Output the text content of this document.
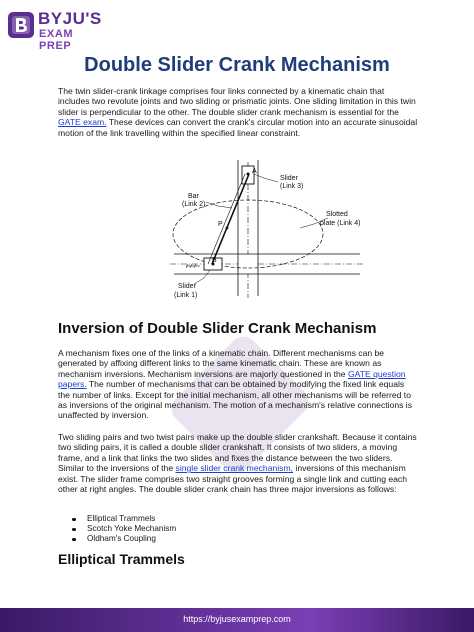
BYJU'S
EXAM PREP
Double Slider Crank Mechanism

The twin slider-crank linkage comprises four links connected by a kinematic chain that includes two revolute joints and two sliding or prismatic joints. One sliding limitation in this twin slider is perpendicular to the other. The double slider crank mechanism is essential for the GATE exam. These devices can convert the crank's circular motion into an accurate sinusoidal motion of the link travelling within the specified linear constraint.

A
Slider
(Link 3)
Bar
(Link 2)
P
Slotted
plate (Link 4)
B
Slider
(Link 1)
Inversion of Double Slider Crank Mechanism

A mechanism fixes one of the links of a kinematic chain. Different mechanisms can be generated by affixing different links to the same kinematic chain. These are known as mechanism inversions. Mechanism inversions are majorly questioned in the GATE question papers. The number of mechanisms that can be obtained by modifying the fixed link equals the number of links. Except for the initial mechanism, all other mechanisms will be referred to as inversions of the original mechanism. The motion of a mechanism's relative connections is unaffected by inversion.

Two sliding pairs and two twist pairs make up the double slider crankshaft. Because it contains two sliding pairs, it is called a double slider crankshaft. It consists of two sliders, a moving frame, and a link that links the two slides and fixes the distance between the two sliders. Similar to the inversions of the single slider crank mechanism, inversions of this mechanism exist. The slider frame comprises two straight grooves forming a single link and cutting each other at right angles. The double slider crank chain has three major inversions as follows:

Elliptical Trammels
Scotch Yoke Mechanism
Oldham's Coupling
Elliptical Trammels
https://byjusexamprep.com
